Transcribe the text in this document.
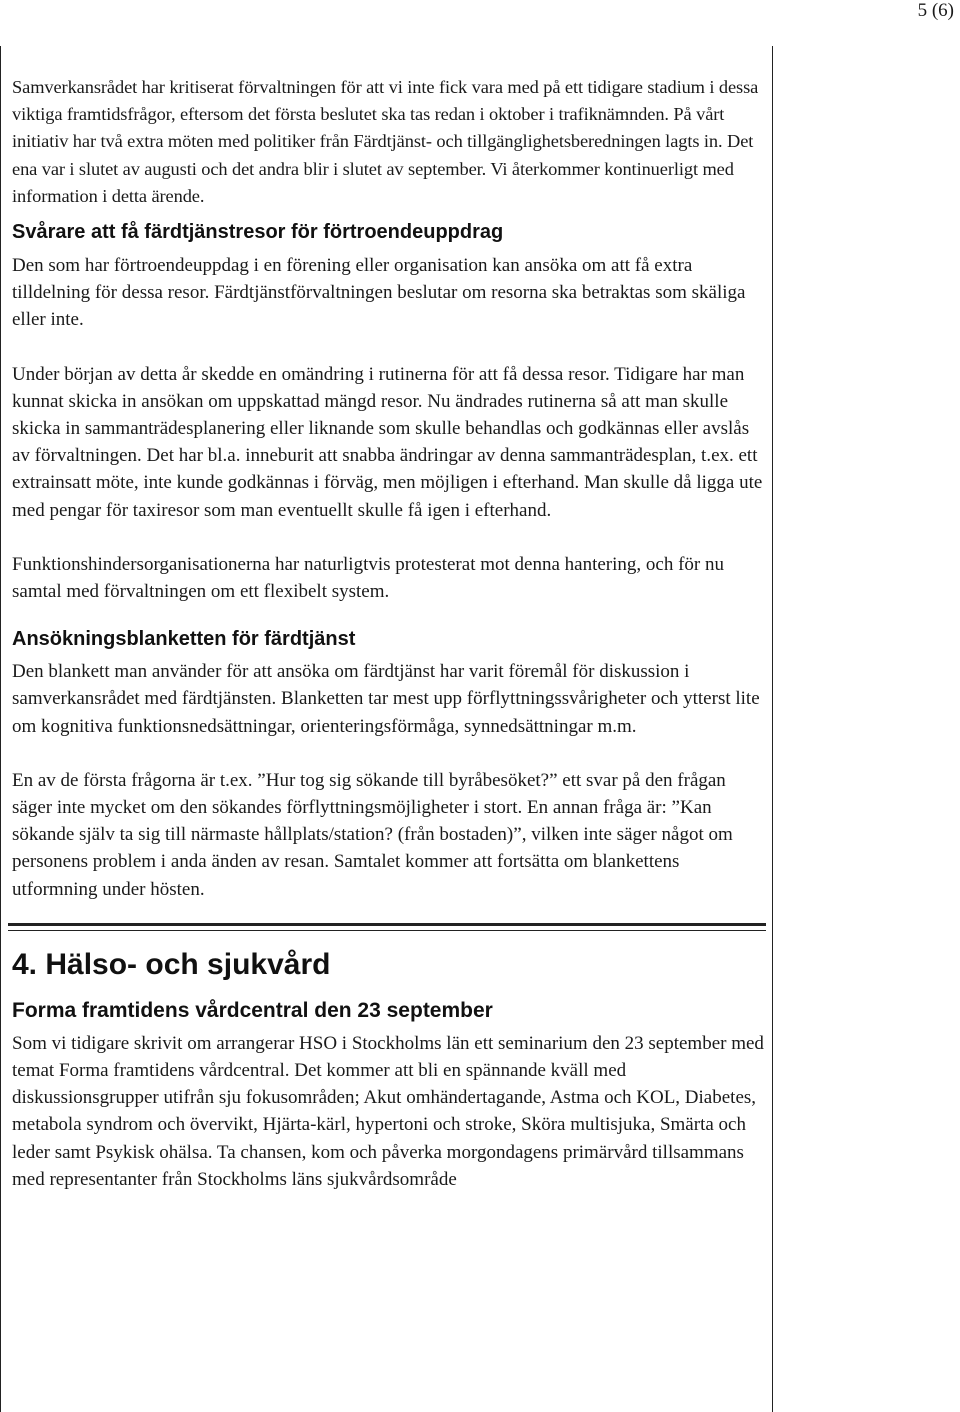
5 (6)

Samverkansrådet har kritiserat förvaltningen för att vi inte fick vara med på ett tidigare stadium i dessa viktiga framtidsfrågor, eftersom det första beslutet ska tas redan i oktober i trafiknämnden. På vårt initiativ har två extra möten med politiker från Färdtjänst- och tillgänglighetsberedningen lagts in. Det ena var i slutet av augusti och det andra blir i slutet av september. Vi återkommer kontinuerligt med information i detta ärende.

Svårare att få färdtjänstresor för förtroendeuppdrag

Den som har förtroendeuppdag i en förening eller organisation kan ansöka om att få extra tilldelning för dessa resor. Färdtjänstförvaltningen beslutar om resorna ska betraktas som skäliga eller inte.

Under början av detta år skedde en omändring i rutinerna för att få dessa resor. Tidigare har man kunnat skicka in ansökan om uppskattad mängd resor. Nu ändrades rutinerna så att man skulle skicka in sammanträdesplanering eller liknande som skulle behandlas och godkännas eller avslås av förvaltningen. Det har bl.a. inneburit att snabba ändringar av denna sammanträdesplan, t.ex. ett extrainsatt möte, inte kunde godkännas i förväg, men möjligen i efterhand. Man skulle då ligga ute med pengar för taxiresor som man eventuellt skulle få igen i efterhand.

Funktionshindersorganisationerna har naturligtvis protesterat mot denna hantering, och för nu samtal med förvaltningen om ett flexibelt system.

Ansökningsblanketten för färdtjänst

Den blankett man använder för att ansöka om färdtjänst har varit föremål för diskussion i samverkansrådet med färdtjänsten. Blanketten tar mest upp förflyttningssvårigheter och ytterst lite om kognitiva funktionsnedsättningar, orienteringsförmåga, synnedsättningar m.m.

En av de första frågorna är t.ex. ”Hur tog sig sökande till byråbesöket?” ett svar på den frågan säger inte mycket om den sökandes förflyttningsmöjligheter i stort. En annan fråga är: ”Kan sökande själv ta sig till närmaste hållplats/station? (från bostaden)”, vilken inte säger något om personens problem i anda änden av resan. Samtalet kommer att fortsätta om blankettens utformning under hösten.

4. Hälso- och sjukvård
Forma framtidens vårdcentral den 23 september

Som vi tidigare skrivit om arrangerar HSO i Stockholms län ett seminarium den 23 september med temat Forma framtidens vårdcentral. Det kommer att bli en spännande kväll med diskussionsgrupper utifrån sju fokusområden; Akut omhändertagande, Astma och KOL, Diabetes, metabola syndrom och övervikt, Hjärta-kärl, hypertoni och stroke, Sköra multisjuka, Smärta och leder samt Psykisk ohälsa. Ta chansen, kom och påverka morgondagens primärvård tillsammans med representanter från Stockholms läns sjukvårdsområde
